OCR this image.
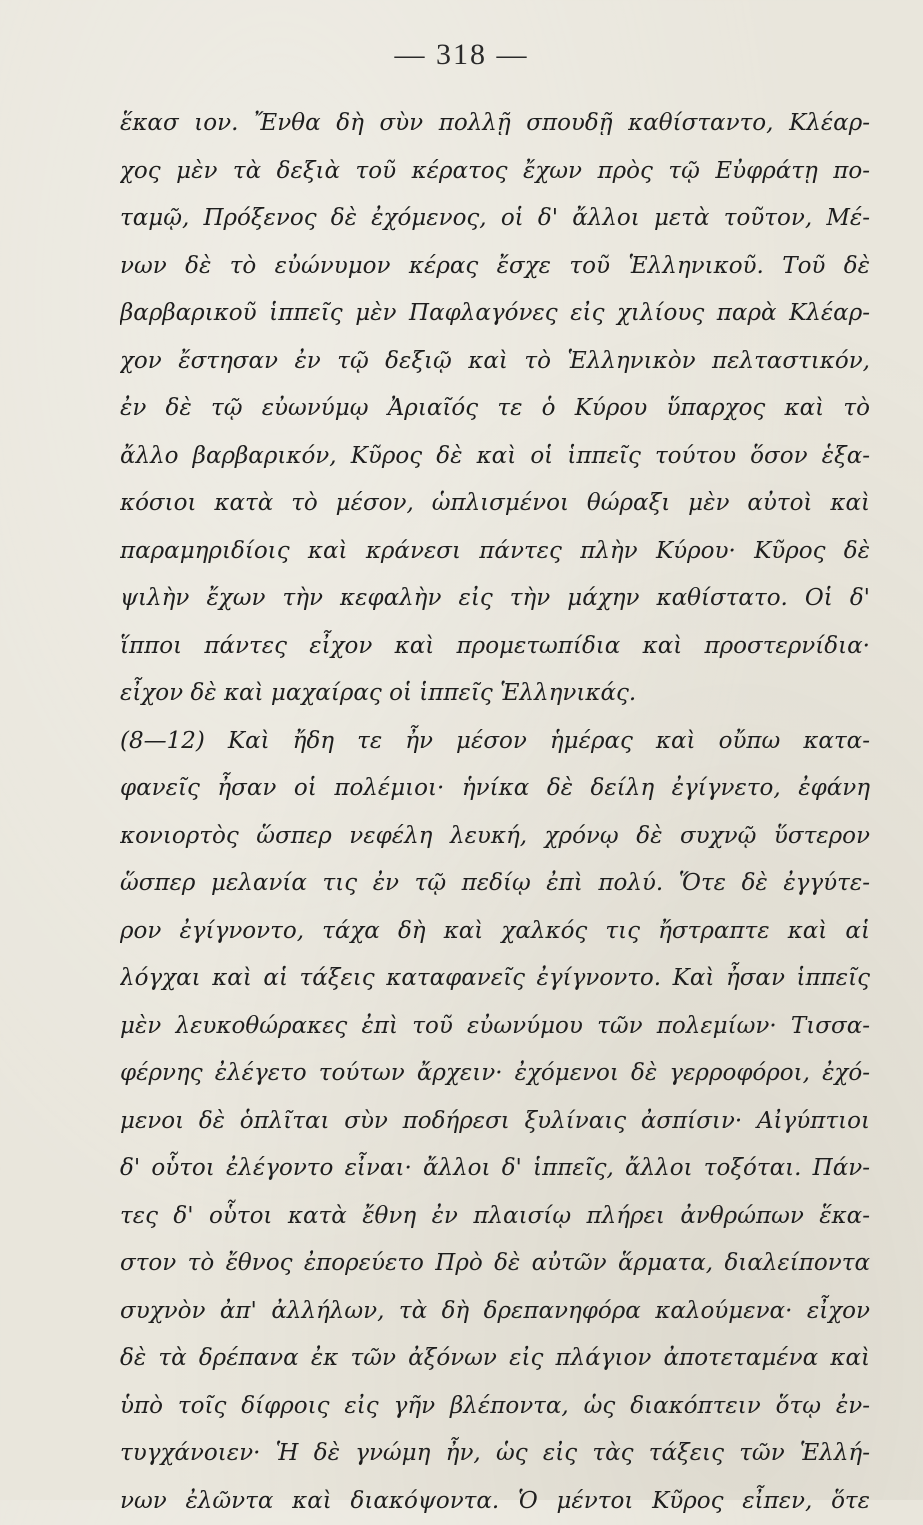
— 318 —
ἕκασ ιον. Ἔνθα δὴ σὺν πολλῇ σπουδῇ καθίσταντο, Κλέαρ-
χος μὲν τὰ δεξιὰ τοῦ κέρατος ἔχων πρὸς τῷ Εὐφράτῃ πο-
ταμῷ, Πρόξενος δὲ ἐχόμενος, οἱ δ' ἄλλοι μετὰ τοῦτον, Μέ-
νων δὲ τὸ εὐώνυμον κέρας ἔσχε τοῦ Ἑλληνικοῦ. Τοῦ δὲ
βαρβαρικοῦ ἱππεῖς μὲν Παφλαγόνες εἰς χιλίους παρὰ Κλέαρ-
χον ἔστησαν ἐν τῷ δεξιῷ καὶ τὸ Ἑλληνικὸν πελταστικόν,
ἐν δὲ τῷ εὐωνύμῳ Ἀριαῖός τε ὁ Κύρου ὕπαρχος καὶ τὸ
ἄλλο βαρβαρικόν, Κῦρος δὲ καὶ οἱ ἱππεῖς τούτου ὅσον ἑξα-
κόσιοι κατὰ τὸ μέσον, ὡπλισμένοι θώραξι μὲν αὐτοὶ καὶ
παραμηριδίοις καὶ κράνεσι πάντες πλὴν Κύρου· Κῦρος δὲ
ψιλὴν ἔχων τὴν κεφαλὴν εἰς τὴν μάχην καθίστατο. Οἱ δ'
ἵπποι πάντες εἶχον καὶ προμετωπίδια καὶ προστερνίδια·
εἶχον δὲ καὶ μαχαίρας οἱ ἱππεῖς Ἑλληνικάς.
(8—12) Καὶ ἤδη τε ἦν μέσον ἡμέρας καὶ οὔπω κατα-
φανεῖς ἦσαν οἱ πολέμιοι· ἡνίκα δὲ δείλη ἐγίγνετο, ἐφάνη
κονιορτὸς ὥσπερ νεφέλη λευκή, χρόνῳ δὲ συχνῷ ὕστερον
ὥσπερ μελανία τις ἐν τῷ πεδίῳ ἐπὶ πολύ. Ὅτε δὲ ἐγγύτε-
ρον ἐγίγνοντο, τάχα δὴ καὶ χαλκός τις ἤστραπτε καὶ αἱ
λόγχαι καὶ αἱ τάξεις καταφανεῖς ἐγίγνοντο. Καὶ ἦσαν ἱππεῖς
μὲν λευκοθώρακες ἐπὶ τοῦ εὐωνύμου τῶν πολεμίων· Τισσα-
φέρνης ἐλέγετο τούτων ἄρχειν· ἐχόμενοι δὲ γερροφόροι, ἐχό-
μενοι δὲ ὁπλῖται σὺν ποδήρεσι ξυλίναις ἀσπίσιν· Αἰγύπτιοι
δ' οὗτοι ἐλέγοντο εἶναι· ἄλλοι δ' ἱππεῖς, ἄλλοι τοξόται. Πάν-
τες δ' οὗτοι κατὰ ἔθνη ἐν πλαισίῳ πλήρει ἀνθρώπων ἕκα-
στον τὸ ἔθνος ἐπορεύετο Πρὸ δὲ αὐτῶν ἅρματα, διαλείποντα
συχνὸν ἀπ' ἀλλήλων, τὰ δὴ δρεπανηφόρα καλούμενα· εἶχον
δὲ τὰ δρέπανα ἐκ τῶν ἀξόνων εἰς πλάγιον ἀποτεταμένα καὶ
ὑπὸ τοῖς δίφροις εἰς γῆν βλέποντα, ὡς διακόπτειν ὅτῳ ἐν-
τυγχάνοιεν· Ἡ δὲ γνώμη ἦν, ὡς εἰς τὰς τάξεις τῶν Ἑλλή-
νων ἐλῶντα καὶ διακόψοντα. Ὁ μέντοι Κῦρος εἶπεν, ὅτε
